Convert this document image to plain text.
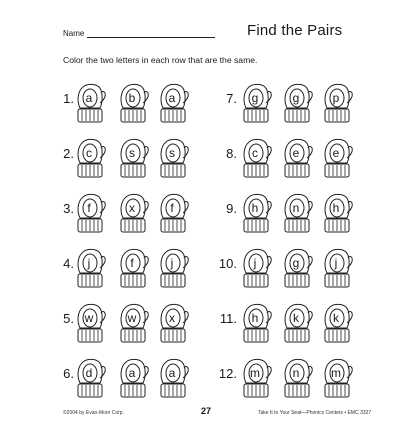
Name	Find the Pairs
Color the two letters in each row that are the same.
1. a	b	a
2.	c	s	s
3.	f	x	f
4.	j	f	j
5. w	w	x
6. d	a	a
7.	g	g	p
8.	c	e	e
9.	h	n	h
10.	j	g	j
11.	h	k	k
12.	m	n	m
©2004 by Evan-Moor Corp.	27	Take It to Your Seat—Phonics Centers • EMC 3327
